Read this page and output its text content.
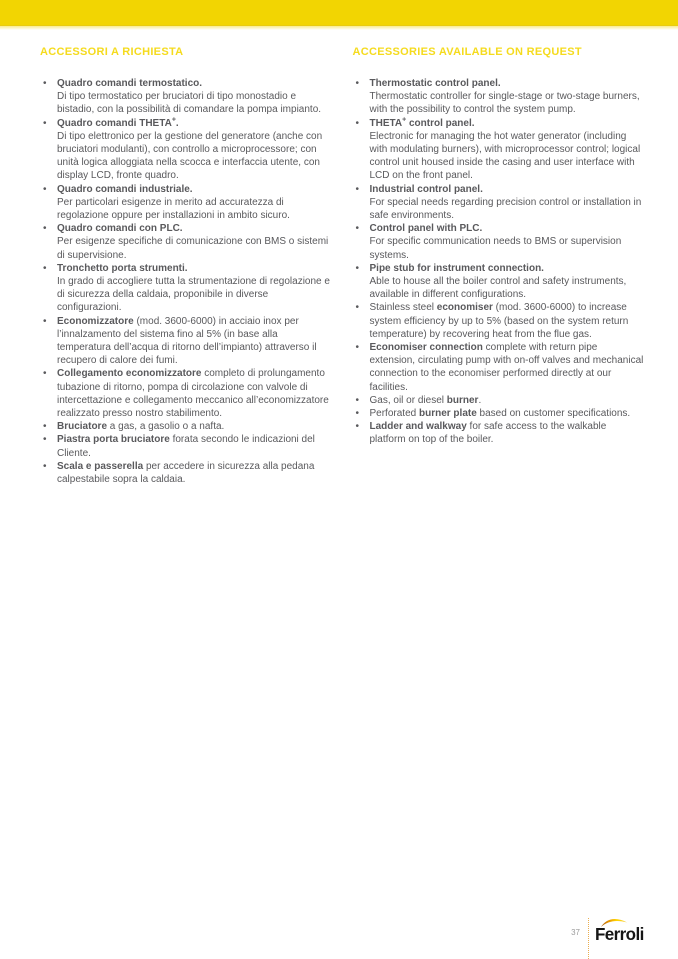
ACCESSORI A RICHIESTA
• Quadro comandi termostatico.
Di tipo termostatico per bruciatori di tipo monostadio e bistadio, con la possibilità di comandare la pompa impianto.
• Quadro comandi THETA+.
Di tipo elettronico per la gestione del generatore (anche con bruciatori modulanti), con controllo a microprocessore; con unità logica alloggiata nella scocca e interfaccia utente, con display LCD, fronte quadro.
• Quadro comandi industriale.
Per particolari esigenze in merito ad accuratezza di regolazione oppure per installazioni in ambito sicuro.
• Quadro comandi con PLC.
Per esigenze specifiche di comunicazione con BMS o sistemi di supervisione.
• Tronchetto porta strumenti.
In grado di accogliere tutta la strumentazione di regolazione e di sicurezza della caldaia, proponibile in diverse configurazioni.
• Economizzatore (mod. 3600-6000) in acciaio inox per l’innalzamento del sistema fino al 5% (in base alla temperatura dell’acqua di ritorno dell’impianto) attraverso il recupero di calore dei fumi.
• Collegamento economizzatore completo di prolungamento tubazione di ritorno, pompa di circolazione con valvole di intercettazione e collegamento meccanico all’economizzatore realizzato presso nostro stabilimento.
• Bruciatore a gas, a gasolio o a nafta.
• Piastra porta bruciatore forata secondo le indicazioni del Cliente.
• Scala e passerella per accedere in sicurezza alla pedana calpestabile sopra la caldaia.
ACCESSORIES AVAILABLE ON REQUEST
• Thermostatic control panel.
Thermostatic controller for single-stage or two-stage burners, with the possibility to control the system pump.
• THETA+ control panel.
Electronic for managing the hot water generator (including with modulating burners), with microprocessor control; logical control unit housed inside the casing and user interface with LCD on the front panel.
• Industrial control panel.
For special needs regarding precision control or installation in safe environments.
• Control panel with PLC.
For specific communication needs to BMS or supervision systems.
• Pipe stub for instrument connection.
Able to house all the boiler control and safety instruments, available in different configurations.
• Stainless steel economiser (mod. 3600-6000) to increase system efficiency by up to 5% (based on the system return temperature) by recovering heat from the flue gas.
• Economiser connection complete with return pipe extension, circulating pump with on-off valves and mechanical connection to the economiser performed directly at our facilities.
• Gas, oil or diesel burner.
• Perforated burner plate based on customer specifications.
• Ladder and walkway for safe access to the walkable platform on top of the boiler.
37 Ferroli
